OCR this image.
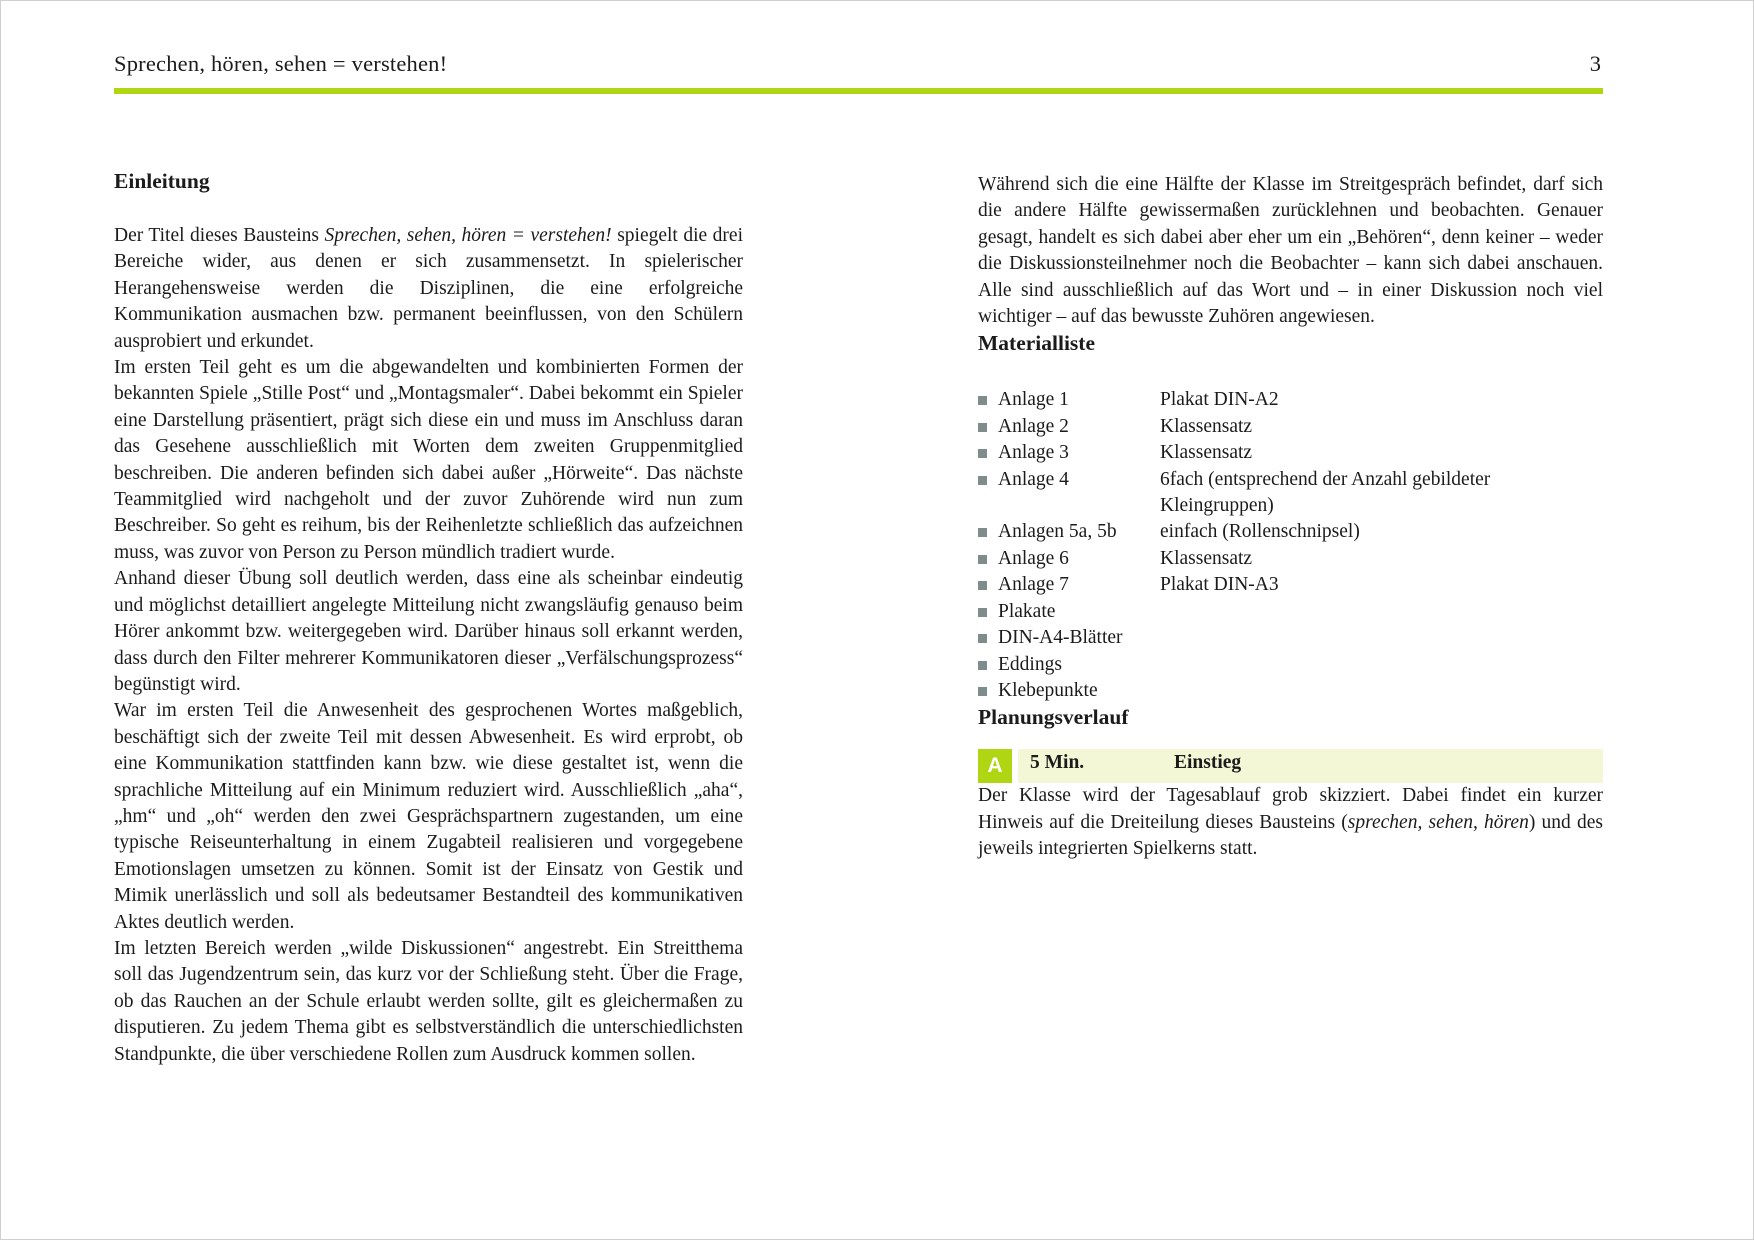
Sprechen, hören, sehen = verstehen!	3
Einleitung

Der Titel dieses Bausteins Sprechen, sehen, hören = verstehen! spiegelt die drei Bereiche wider, aus denen er sich zusammensetzt. In spielerischer Herangehensweise werden die Disziplinen, die eine erfolgreiche Kommunikation ausmachen bzw. permanent beeinflussen, von den Schülern ausprobiert und erkundet.

Im ersten Teil geht es um die abgewandelten und kombinierten Formen der bekannten Spiele „Stille Post“ und „Montagsmaler“. Dabei bekommt ein Spieler eine Darstellung präsentiert, prägt sich diese ein und muss im Anschluss daran das Gesehene ausschließlich mit Worten dem zweiten Gruppenmitglied beschreiben. Die anderen befinden sich dabei außer „Hörweite“. Das nächste Teammitglied wird nachgeholt und der zuvor Zuhörende wird nun zum Beschreiber. So geht es reihum, bis der Reihenletzte schließlich das aufzeichnen muss, was zuvor von Person zu Person mündlich tradiert wurde.

Anhand dieser Übung soll deutlich werden, dass eine als scheinbar eindeutig und möglichst detailliert angelegte Mitteilung nicht zwangsläufig genauso beim Hörer ankommt bzw. weitergegeben wird. Darüber hinaus soll erkannt werden, dass durch den Filter mehrerer Kommunikatoren dieser „Verfälschungsprozess“ begünstigt wird.

War im ersten Teil die Anwesenheit des gesprochenen Wortes maßgeblich, beschäftigt sich der zweite Teil mit dessen Abwesenheit. Es wird erprobt, ob eine Kommunikation stattfinden kann bzw. wie diese gestaltet ist, wenn die sprachliche Mitteilung auf ein Minimum reduziert wird. Ausschließlich „aha“, „hm“ und „oh“ werden den zwei Gesprächspartnern zugestanden, um eine typische Reiseunterhaltung in einem Zugabteil realisieren und vorgegebene Emotionslagen umsetzen zu können. Somit ist der Einsatz von Gestik und Mimik unerlässlich und soll als bedeutsamer Bestandteil des kommunikativen Aktes deutlich werden.

Im letzten Bereich werden „wilde Diskussionen“ angestrebt. Ein Streitthema soll das Jugendzentrum sein, das kurz vor der Schließung steht. Über die Frage, ob das Rauchen an der Schule erlaubt werden sollte, gilt es gleichermaßen zu disputieren. Zu jedem Thema gibt es selbstverständlich die unterschiedlichsten Standpunkte, die über verschiedene Rollen zum Ausdruck kommen sollen.

Während sich die eine Hälfte der Klasse im Streitgespräch befindet, darf sich die andere Hälfte gewissermaßen zurücklehnen und beobachten. Genauer gesagt, handelt es sich dabei aber eher um ein „Behören“, denn keiner – weder die Diskussionsteilnehmer noch die Beobachter – kann sich dabei anschauen. Alle sind ausschließlich auf das Wort und – in einer Diskussion noch viel wichtiger – auf das bewusste Zuhören angewiesen.

Materialliste
Anlage 1	Plakat DIN-A2
Anlage 2	Klassensatz
Anlage 3	Klassensatz
Anlage 4	6fach (entsprechend der Anzahl gebildeter Kleingruppen)
Anlagen 5a, 5b	einfach (Rollenschnipsel)
Anlage 6	Klassensatz
Anlage 7	Plakat DIN-A3
Plakate
DIN-A4-Blätter
Eddings
Klebepunkte
Planungsverlauf
A	5 Min.	Einstieg

Der Klasse wird der Tagesablauf grob skizziert. Dabei findet ein kurzer Hinweis auf die Dreiteilung dieses Bausteins (sprechen, sehen, hören) und des jeweils integrierten Spielkerns statt.
